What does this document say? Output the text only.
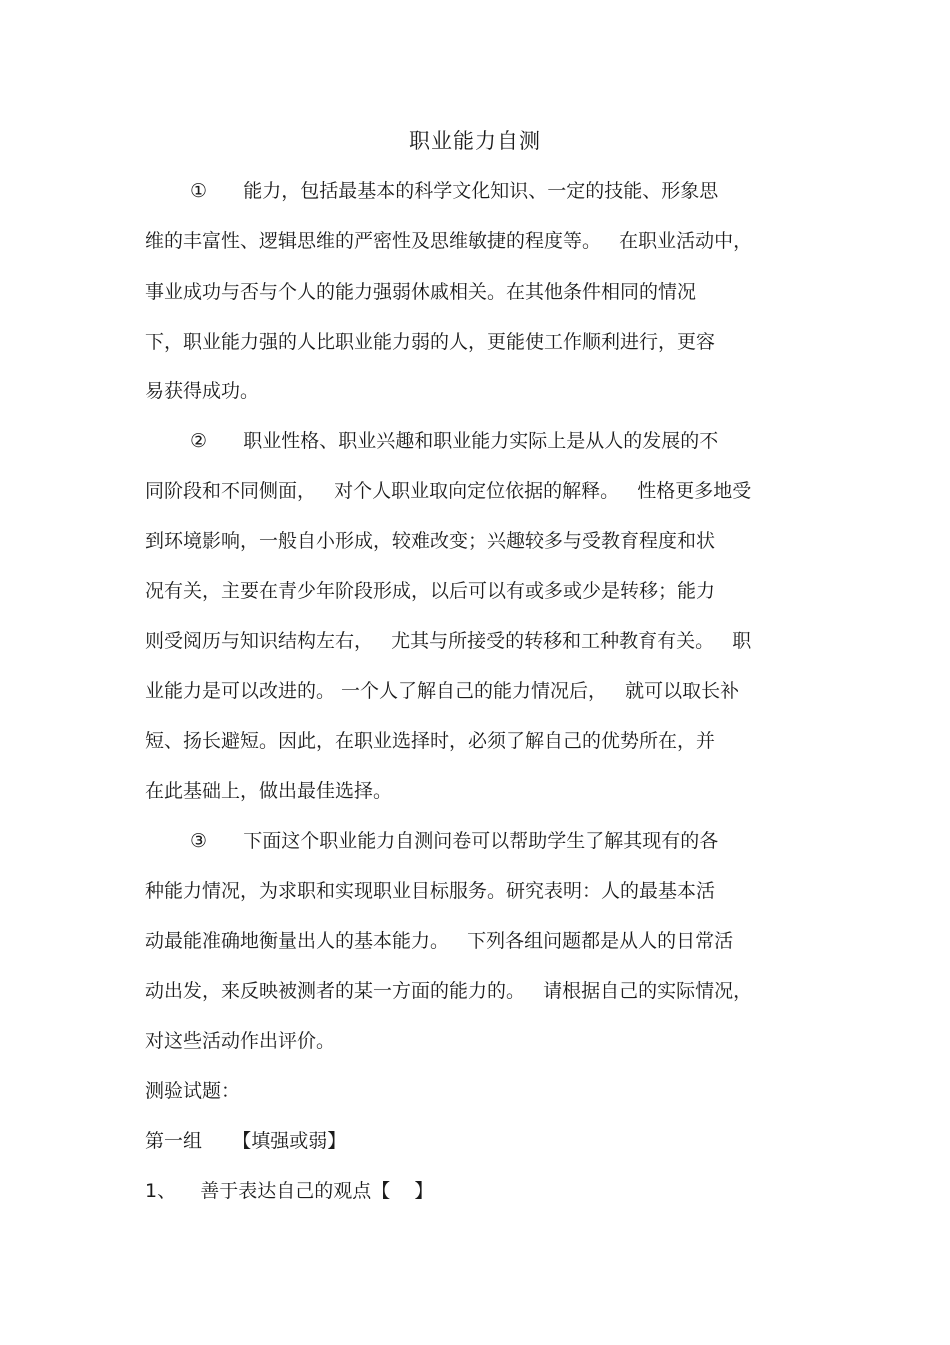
职业能力自测
①      能力，包括最基本的科学文化知识、一定的技能、形象思
维的丰富性、逻辑思维的严密性及思维敏捷的程度等。   在职业活动中，
事业成功与否与个人的能力强弱休戚相关。在其他条件相同的情况
下，职业能力强的人比职业能力弱的人，更能使工作顺利进行，更容
易获得成功。
②      职业性格、职业兴趣和职业能力实际上是从人的发展的不
同阶段和不同侧面，   对个人职业取向定位依据的解释。   性格更多地受
到环境影响，一般自小形成，较难改变；兴趣较多与受教育程度和状
况有关，主要在青少年阶段形成，以后可以有或多或少是转移；能力
则受阅历与知识结构左右，   尤其与所接受的转移和工种教育有关。   职
业能力是可以改进的。 一个人了解自己的能力情况后，   就可以取长补
短、扬长避短。因此，在职业选择时，必须了解自己的优势所在，并
在此基础上，做出最佳选择。
③      下面这个职业能力自测问卷可以帮助学生了解其现有的各
种能力情况，为求职和实现职业目标服务。研究表明：人的最基本活
动最能准确地衡量出人的基本能力。   下列各组问题都是从人的日常活
动出发，来反映被测者的某一方面的能力的。   请根据自己的实际情况，
对这些活动作出评价。
测验试题：
第一组     【填强或弱】
1、    善于表达自己的观点【    】
